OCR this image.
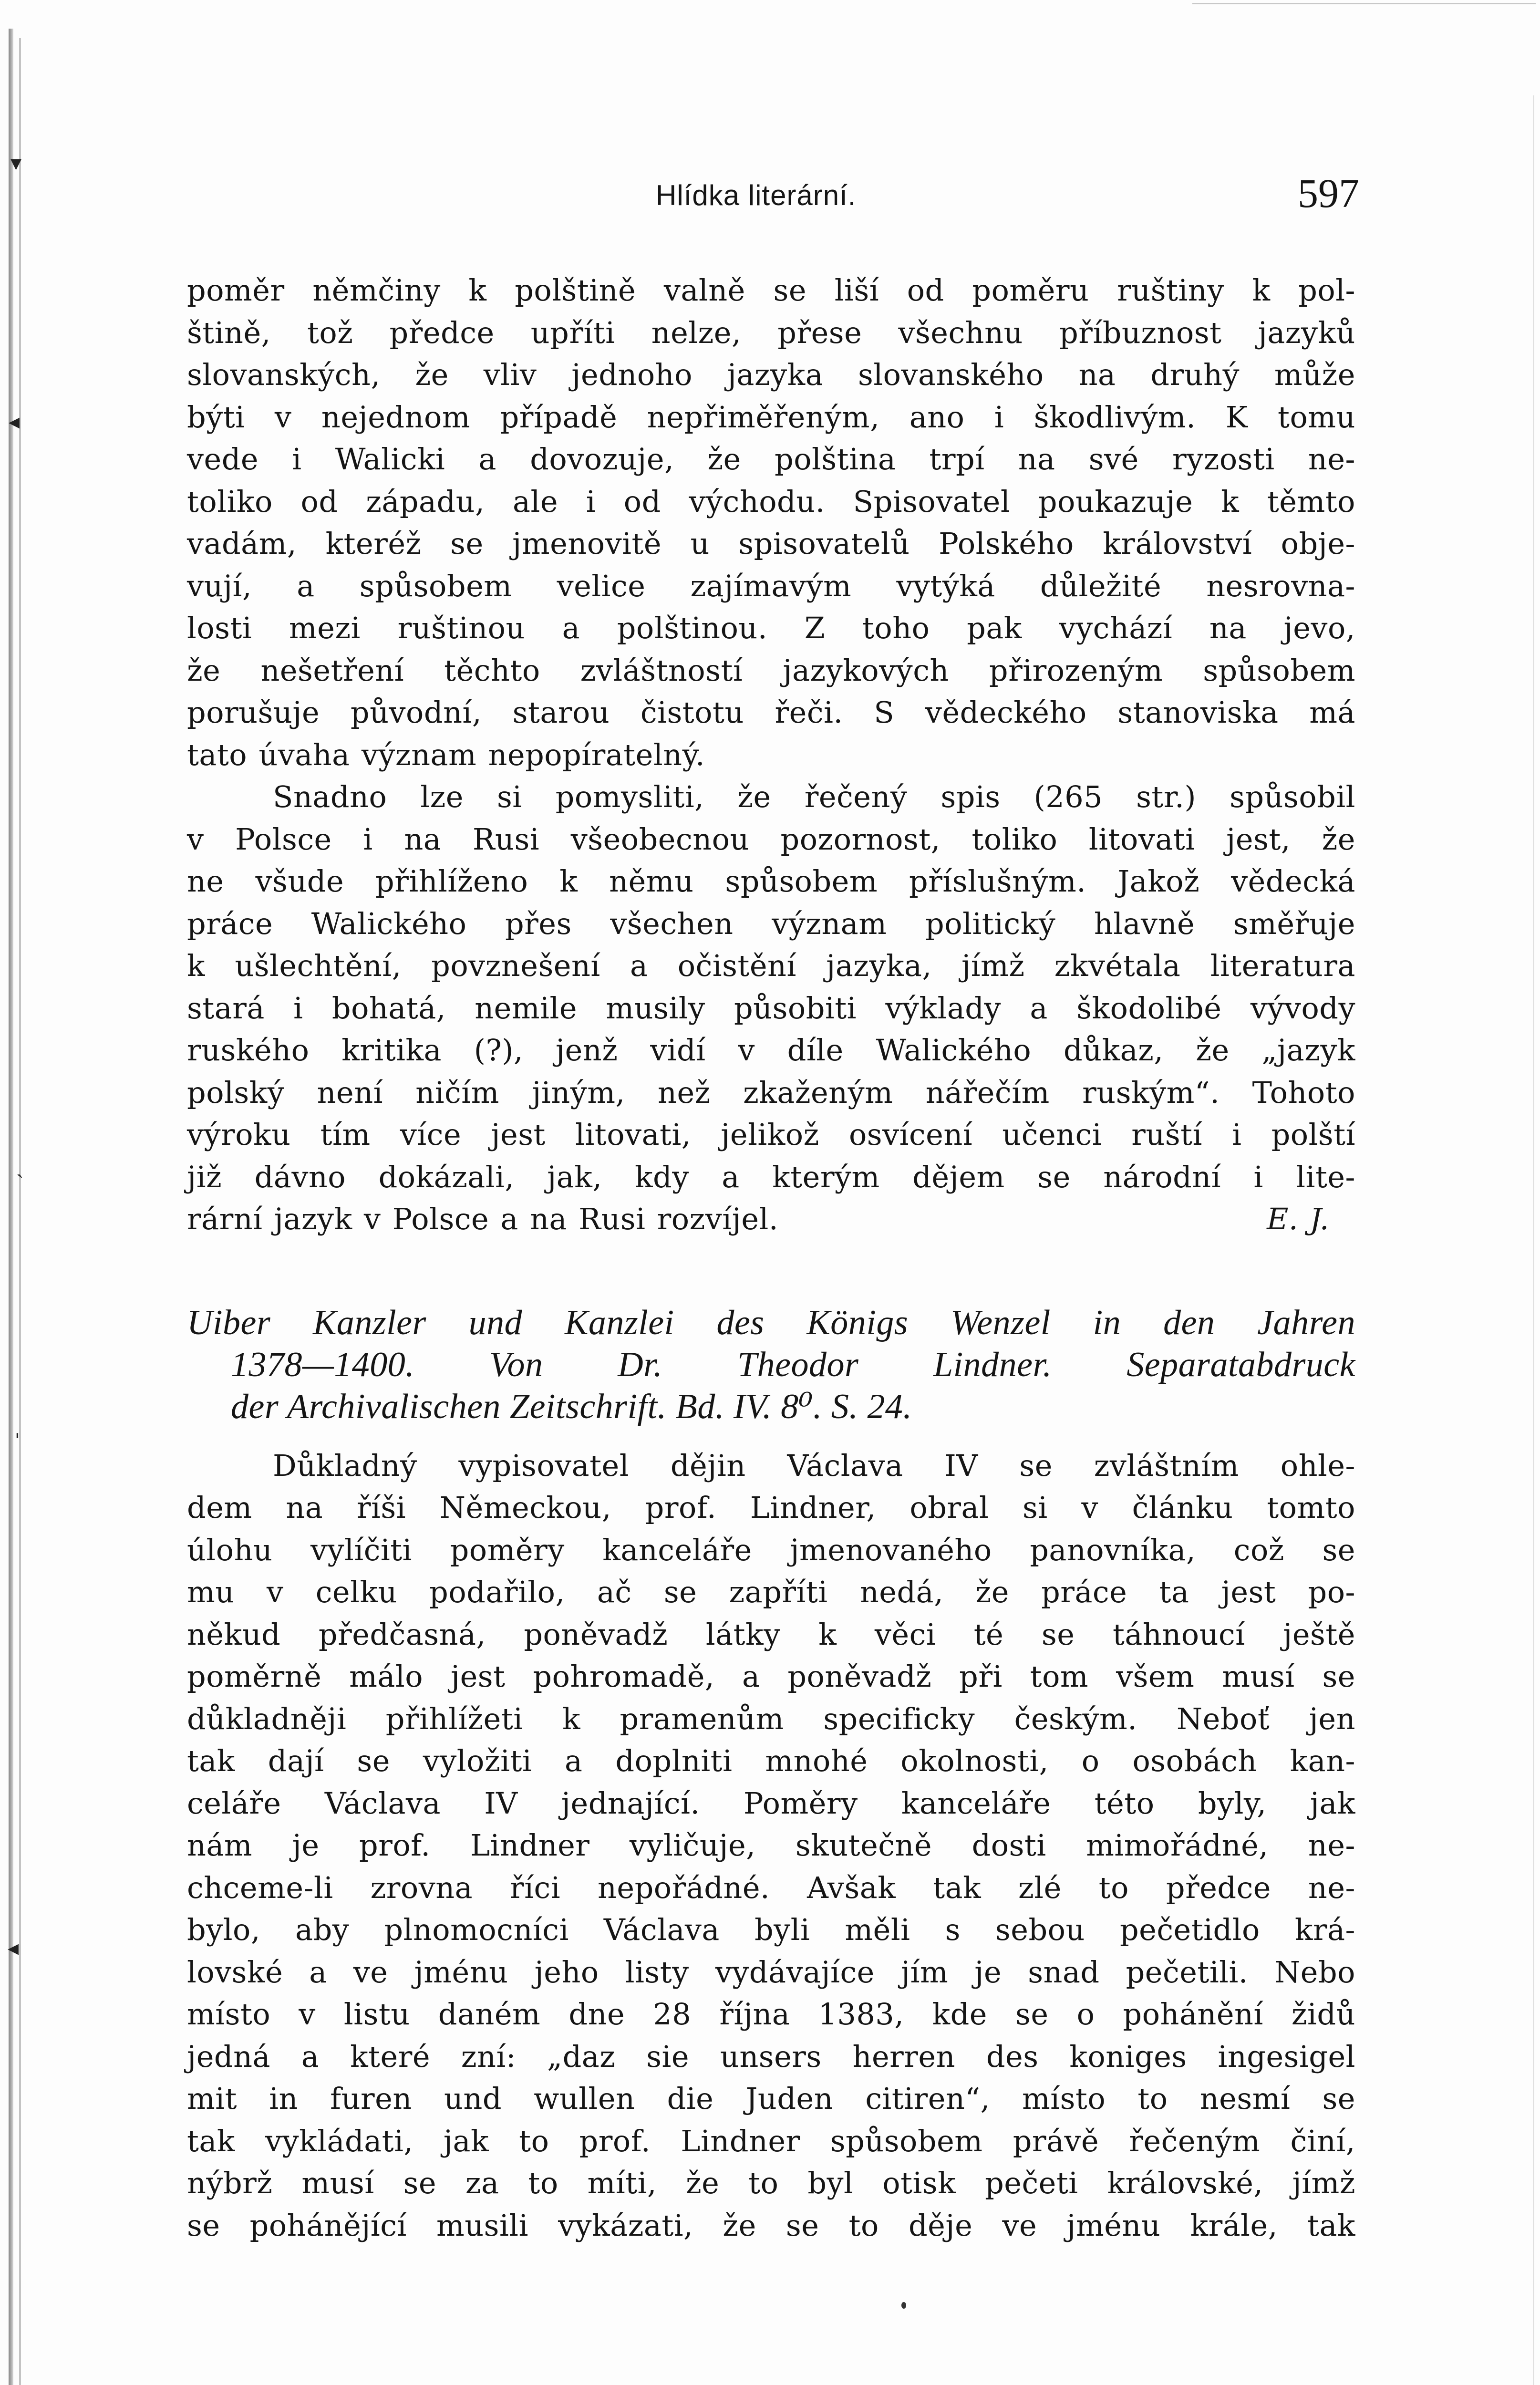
▾
◂
ˎ
ˈ
◂
Hlídka literární.	597
poměr němčiny k polštině valně se liší od poměru ruštiny k pol-
štině, tož předce upříti nelze, přese všechnu příbuznost jazyků
slovanských, že vliv jednoho jazyka slovanského na druhý může
býti v nejednom případě nepřiměřeným, ano i škodlivým. K tomu
vede i Walicki a dovozuje, že polština trpí na své ryzosti ne-
toliko od západu, ale i od východu. Spisovatel poukazuje k těmto
vadám, kteréž se jmenovitě u spisovatelů Polského království obje-
vují, a spůsobem velice zajímavým vytýká důležité nesrovna-
losti mezi ruštinou a polštinou. Z toho pak vychází na jevo,
že nešetření těchto zvláštností jazykových přirozeným spůsobem
porušuje původní, starou čistotu řeči. S vědeckého stanoviska má
tato úvaha význam nepopíratelný.
Snadno lze si pomysliti, že řečený spis (265 str.) spůsobil
v Polsce i na Rusi všeobecnou pozornost, toliko litovati jest, že
ne všude přihlíženo k němu spůsobem příslušným. Jakož vědecká
práce Walického přes všechen význam politický hlavně směřuje
k ušlechtění, povznešení a očistění jazyka, jímž zkvétala literatura
stará i bohatá, nemile musily působiti výklady a škodolibé vývody
ruského kritika (?), jenž vidí v díle Walického důkaz, že „jazyk
polský není ničím jiným, než zkaženým nářečím ruským“. Tohoto
výroku tím více jest litovati, jelikož osvícení učenci ruští i polští
již dávno dokázali, jak, kdy a kterým dějem se národní i lite-
rární jazyk v Polsce a na Rusi rozvíjel.	E. J.
Uiber Kanzler und Kanzlei des Königs Wenzel in den Jahren
1378—1400. Von Dr. Theodor Lindner. Separatabdruck
der Archivalischen Zeitschrift. Bd. IV. 8⁰. S. 24.
Důkladný vypisovatel dějin Václava IV se zvláštním ohle-
dem na říši Německou, prof. Lindner, obral si v článku tomto
úlohu vylíčiti poměry kanceláře jmenovaného panovníka, což se
mu v celku podařilo, ač se zapříti nedá, že práce ta jest po-
někud předčasná, poněvadž látky k věci té se táhnoucí ještě
poměrně málo jest pohromadě, a poněvadž při tom všem musí se
důkladněji přihlížeti k pramenům specificky českým. Neboť jen
tak dají se vyložiti a doplniti mnohé okolnosti, o osobách kan-
celáře Václava IV jednající. Poměry kanceláře této byly, jak
nám je prof. Lindner vyličuje, skutečně dosti mimořádné, ne-
chceme-li zrovna říci nepořádné. Avšak tak zlé to předce ne-
bylo, aby plnomocníci Václava byli měli s sebou pečetidlo krá-
lovské a ve jménu jeho listy vydávajíce jím je snad pečetili. Nebo
místo v listu daném dne 28 října 1383, kde se o pohánění židů
jedná a které zní: „daz sie unsers herren des koniges ingesigel
mit in furen und wullen die Juden citiren“, místo to nesmí se
tak vykládati, jak to prof. Lindner spůsobem právě řečeným činí,
nýbrž musí se za to míti, že to byl otisk pečeti královské, jímž
se pohánějící musili vykázati, že se to děje ve jménu krále, tak
